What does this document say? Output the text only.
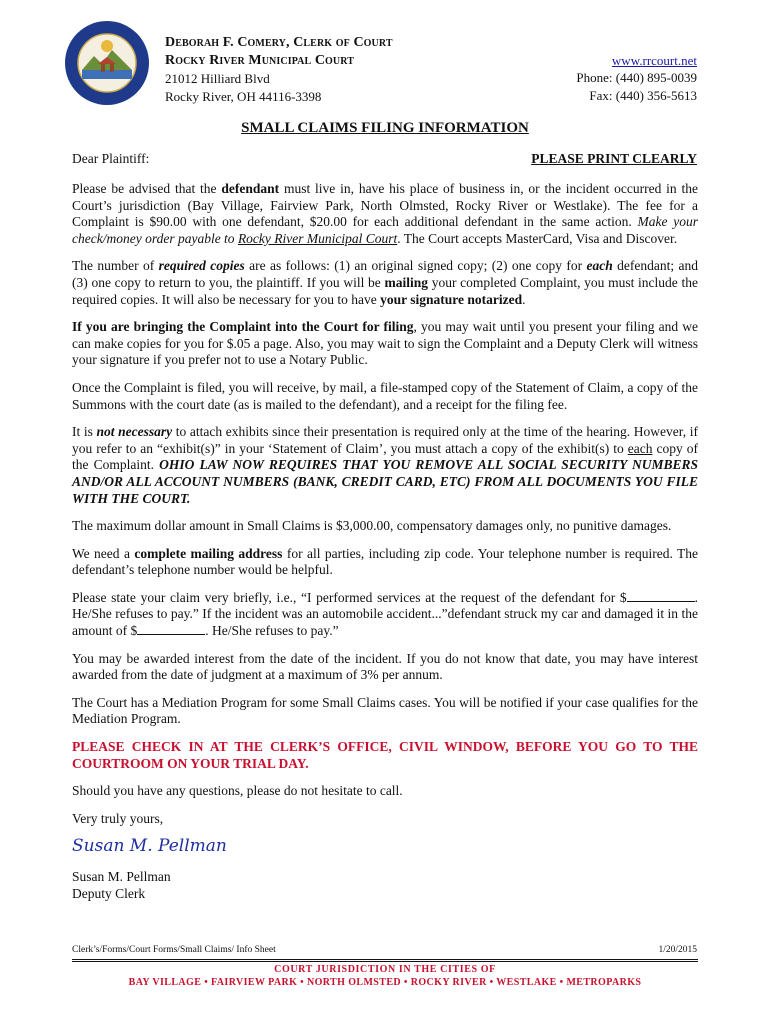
Deborah F. Comery, Clerk of Court
Rocky River Municipal Court
21012 Hilliard Blvd
Rocky River, OH 44116-3398
www.rrcourt.net
Phone: (440) 895-0039
Fax: (440) 356-5613
SMALL CLAIMS FILING INFORMATION
Dear Plaintiff:	PLEASE PRINT CLEARLY

Please be advised that the defendant must live in, have his place of business in, or the incident occurred in the Court’s jurisdiction (Bay Village, Fairview Park, North Olmsted, Rocky River or Westlake). The fee for a Complaint is $90.00 with one defendant, $20.00 for each additional defendant in the same action. Make your check/money order payable to Rocky River Municipal Court. The Court accepts MasterCard, Visa and Discover.

The number of required copies are as follows: (1) an original signed copy; (2) one copy for each defendant; and (3) one copy to return to you, the plaintiff. If you will be mailing your completed Complaint, you must include the required copies. It will also be necessary for you to have your signature notarized.

If you are bringing the Complaint into the Court for filing, you may wait until you present your filing and we can make copies for you for $.05 a page. Also, you may wait to sign the Complaint and a Deputy Clerk will witness your signature if you prefer not to use a Notary Public.

Once the Complaint is filed, you will receive, by mail, a file-stamped copy of the Statement of Claim, a copy of the Summons with the court date (as is mailed to the defendant), and a receipt for the filing fee.

It is not necessary to attach exhibits since their presentation is required only at the time of the hearing. However, if you refer to an “exhibit(s)” in your ‘Statement of Claim’, you must attach a copy of the exhibit(s) to each copy of the Complaint. OHIO LAW NOW REQUIRES THAT YOU REMOVE ALL SOCIAL SECURITY NUMBERS AND/OR ALL ACCOUNT NUMBERS (BANK, CREDIT CARD, ETC) FROM ALL DOCUMENTS YOU FILE WITH THE COURT.

The maximum dollar amount in Small Claims is $3,000.00, compensatory damages only, no punitive damages.

We need a complete mailing address for all parties, including zip code. Your telephone number is required. The defendant’s telephone number would be helpful.

Please state your claim very briefly, i.e., “I performed services at the request of the defendant for $	. He/She refuses to pay.” If the incident was an automobile accident...”defendant struck my car and damaged it in the amount of $	. He/She refuses to pay.”

You may be awarded interest from the date of the incident. If you do not know that date, you may have interest awarded from the date of judgment at a maximum of 3% per annum.

The Court has a Mediation Program for some Small Claims cases. You will be notified if your case qualifies for the Mediation Program.

PLEASE CHECK IN AT THE CLERK’S OFFICE, CIVIL WINDOW, BEFORE YOU GO TO THE COURTROOM ON YOUR TRIAL DAY.

Should you have any questions, please do not hesitate to call.

Very truly yours,

Susan M. Pellman
Susan M. Pellman
Deputy Clerk
Clerk’s/Forms/Court Forms/Small Claims/ Info Sheet	1/20/2015
COURT JURISDICTION IN THE CITIES OF
BAY VILLAGE • FAIRVIEW PARK • NORTH OLMSTED • ROCKY RIVER • WESTLAKE • METROPARKS
